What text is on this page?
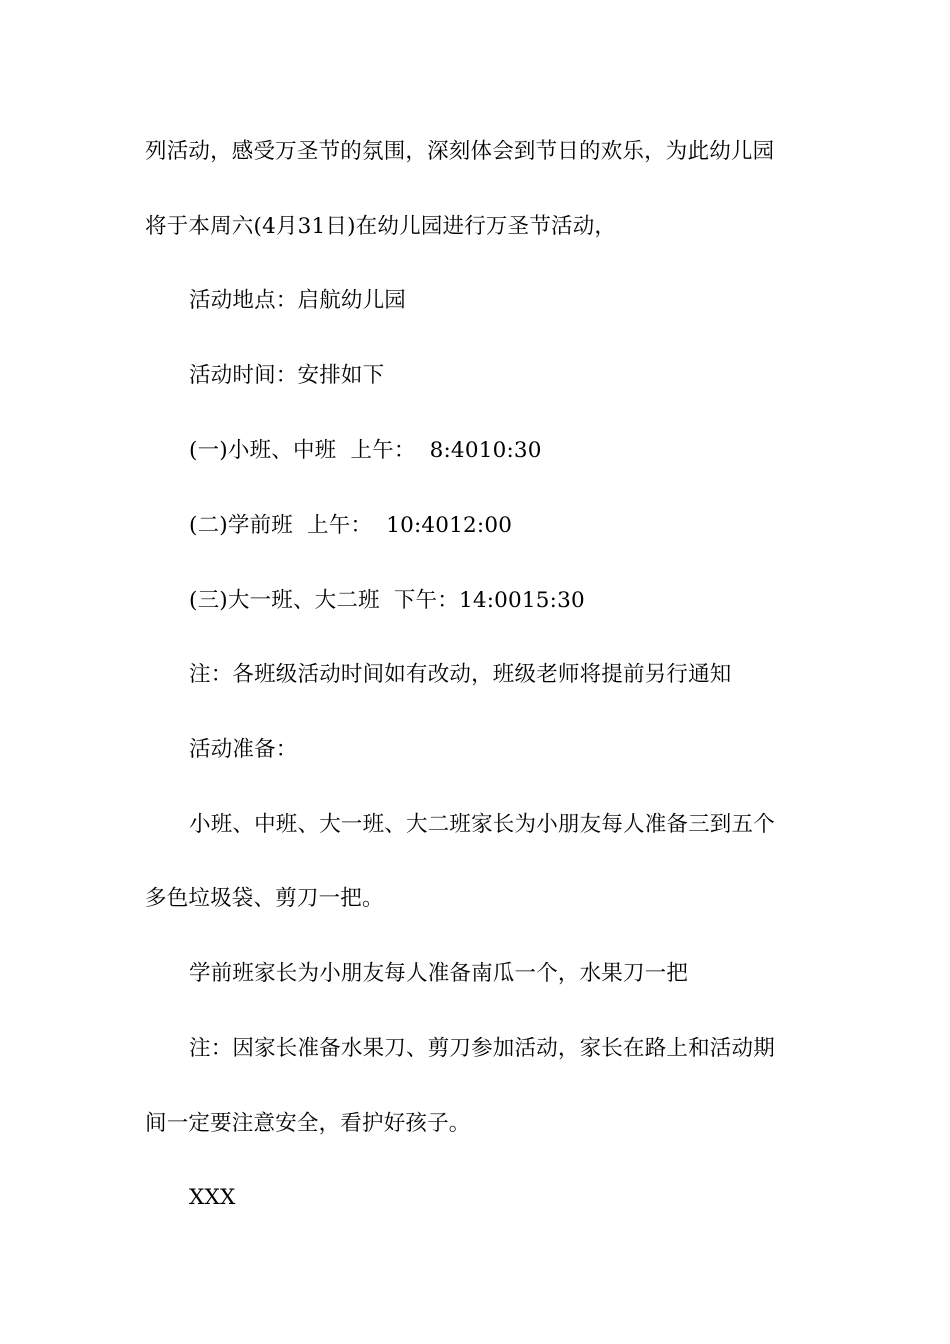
列活动，感受万圣节的氛围，深刻体会到节日的欢乐，为此幼儿园
将于本周六(4月31日)在幼儿园进行万圣节活动，
活动地点：启航幼儿园
活动时间：安排如下
(一)小班、中班  上午：  8:4010:30
(二)学前班  上午：  10:4012:00
(三)大一班、大二班  下午：14:0015:30
注：各班级活动时间如有改动，班级老师将提前另行通知
活动准备：
小班、中班、大一班、大二班家长为小朋友每人准备三到五个
多色垃圾袋、剪刀一把。
学前班家长为小朋友每人准备南瓜一个，水果刀一把
注：因家长准备水果刀、剪刀参加活动，家长在路上和活动期
间一定要注意安全，看护好孩子。
XXX
